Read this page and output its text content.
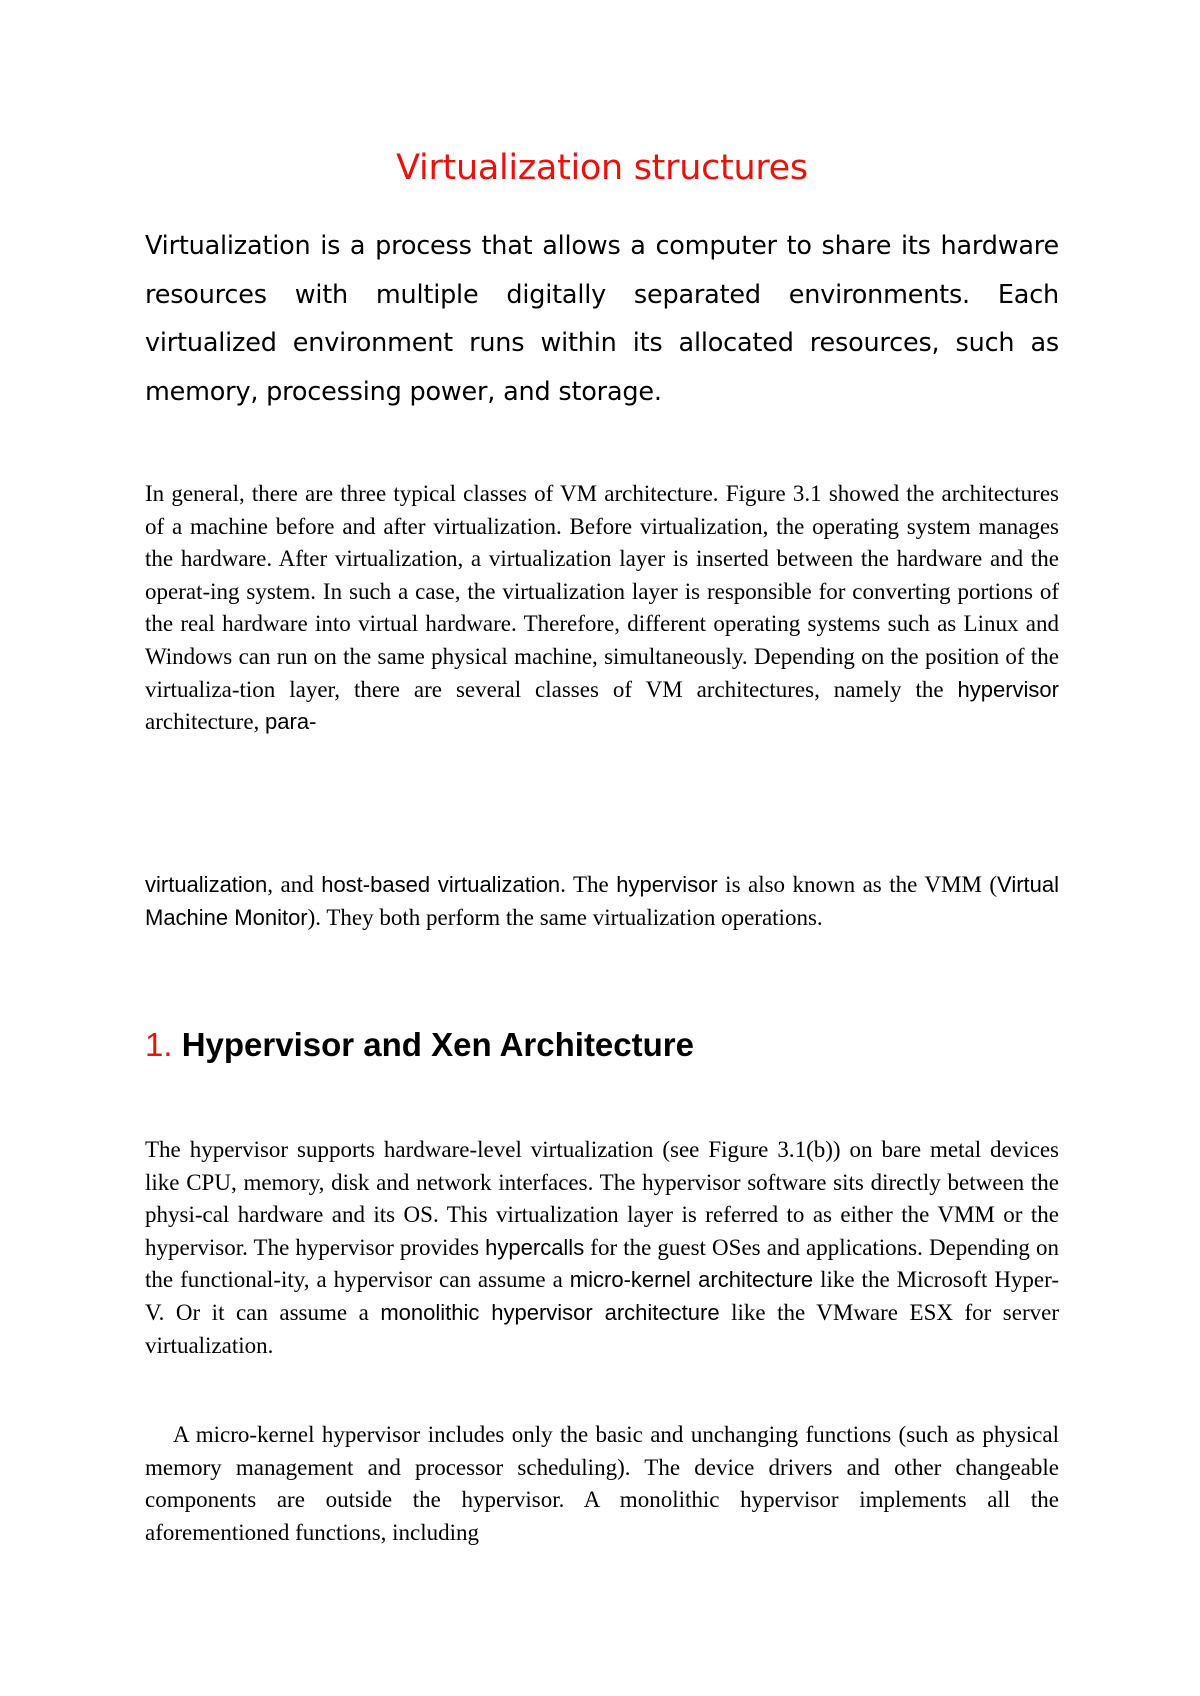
Virtualization structures

Virtualization is a process that allows a computer to share its hardware resources with multiple digitally separated environments. Each virtualized environment runs within its allocated resources, such as memory, processing power, and storage.

In general, there are three typical classes of VM architecture. Figure 3.1 showed the architectures of a machine before and after virtualization. Before virtualization, the operating system manages the hardware. After virtualization, a virtualization layer is inserted between the hardware and the operat-ing system. In such a case, the virtualization layer is responsible for converting portions of the real hardware into virtual hardware. Therefore, different operating systems such as Linux and Windows can run on the same physical machine, simultaneously. Depending on the position of the virtualiza-tion layer, there are several classes of VM architectures, namely the hypervisor architecture, para-

virtualization, and host-based virtualization. The hypervisor is also known as the VMM (Virtual Machine Monitor). They both perform the same virtualization operations.

1. Hypervisor and Xen Architecture

The hypervisor supports hardware-level virtualization (see Figure 3.1(b)) on bare metal devices like CPU, memory, disk and network interfaces. The hypervisor software sits directly between the physi-cal hardware and its OS. This virtualization layer is referred to as either the VMM or the hypervisor. The hypervisor provides hypercalls for the guest OSes and applications. Depending on the functional-ity, a hypervisor can assume a micro-kernel architecture like the Microsoft Hyper-V. Or it can assume a monolithic hypervisor architecture like the VMware ESX for server virtualization.

A micro-kernel hypervisor includes only the basic and unchanging functions (such as physical memory management and processor scheduling). The device drivers and other changeable components are outside the hypervisor. A monolithic hypervisor implements all the aforementioned functions, including
